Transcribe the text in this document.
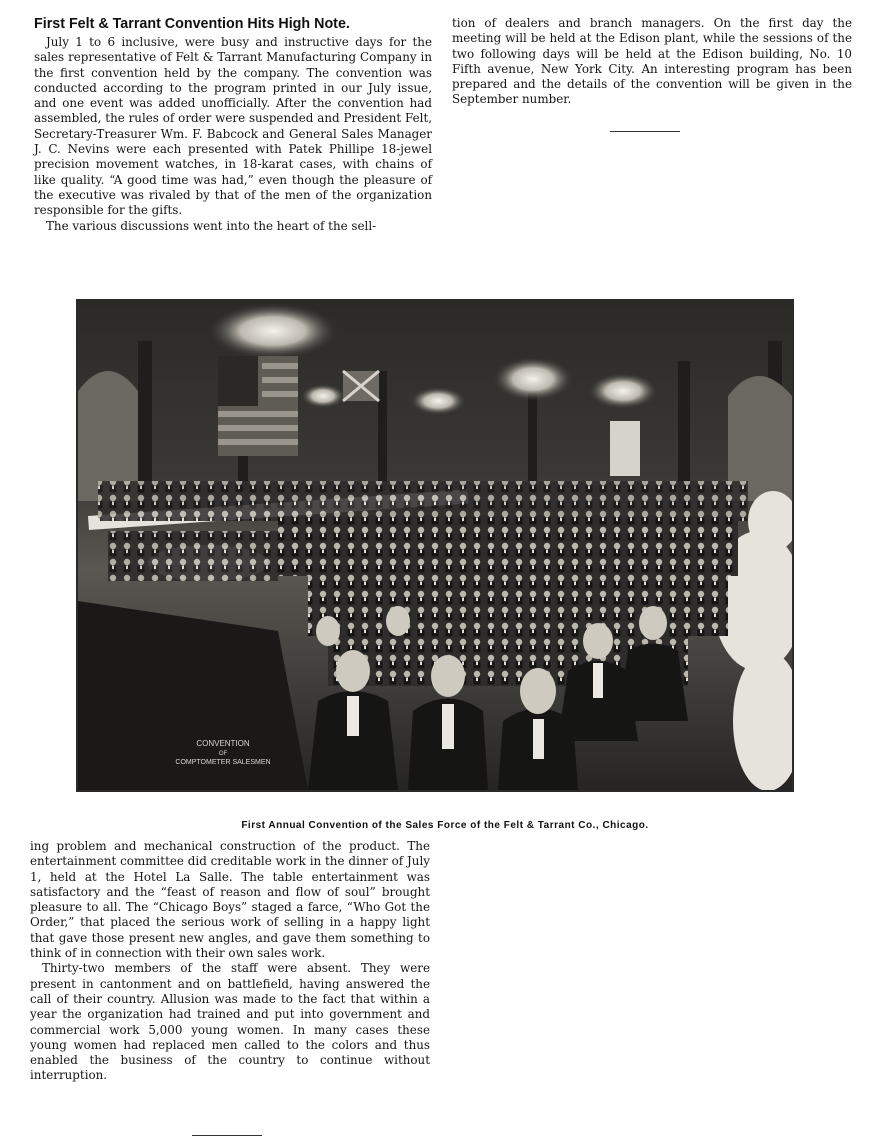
First Felt & Tarrant Convention Hits High Note.

July 1 to 6 inclusive, were busy and instructive days for the sales representative of Felt & Tarrant Manufacturing Company in the first convention held by the company. The convention was conducted according to the program printed in our July issue, and one event was added unofficially. After the convention had assembled, the rules of order were suspended and President Felt, Secretary-Treasurer Wm. F. Babcock and General Sales Manager J. C. Nevins were each presented with Patek Phillipe 18-jewel precision movement watches, in 18-karat cases, with chains of like quality. “A good time was had,” even though the pleasure of the executive was rivaled by that of the men of the organization responsible for the gifts.

The various discussions went into the heart of the sell-

tion of dealers and branch managers. On the first day the meeting will be held at the Edison plant, while the sessions of the two following days will be held at the Edison building, No. 10 Fifth avenue, New York City. An interesting program has been prepared and the details of the convention will be given in the September number.

CONVENTION
OF
COMPTOMETER SALESMEN
First Annual Convention of the Sales Force of the Felt & Tarrant Co., Chicago.

ing problem and mechanical construction of the product. The entertainment committee did creditable work in the dinner of July 1, held at the Hotel La Salle. The table entertainment was satisfactory and the “feast of reason and flow of soul” brought pleasure to all. The “Chicago Boys” staged a farce, “Who Got the Order,” that placed the serious work of selling in a happy light that gave those present new angles, and gave them something to think of in connection with their own sales work.

Thirty-two members of the staff were absent. They were present in cantonment and on battlefield, having answered the call of their country. Allusion was made to the fact that within a year the organization had trained and put into government and commercial work 5,000 young women. In many cases these young women had replaced men called to the colors and thus enabled the business of the country to continue without interruption.
